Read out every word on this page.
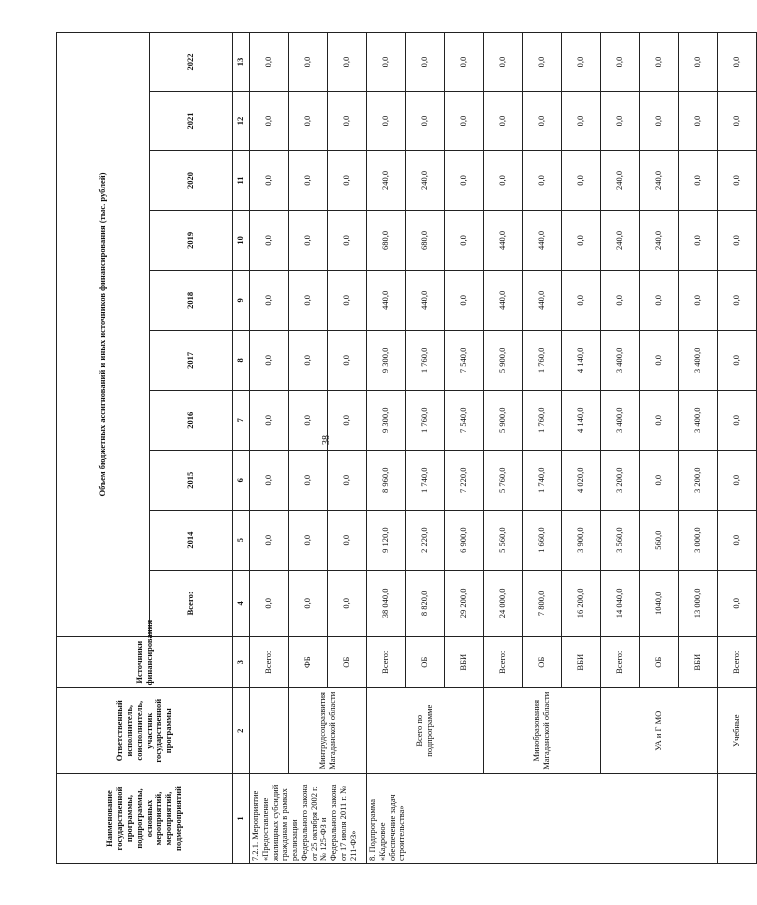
38
Наименование государственной программы, подпрограммы, основных мероприятий, мероприятий, подмероприятий	Ответственный исполнитель, соисполнитель, участник государственной программы	Источники финансирования	Объем бюджетных ассигнований и иных источников финансирования (тыс. рублей)									
			Всего:	2014	2015	2016	2017	2018	2019	2020	2021	2022
1	2	3	4	5	6	7	8	9	10	11	12	13
7.2.1. Мероприятие «Предоставление жилищных субсидий гражданам в рамках реализации Федерального закона от 25 октября 2002 г. № 125-ФЗ и Федерального закона от 17 июля 2011 г. № 211-ФЗ»		Всего:	0,0	0,0	0,0	0,0	0,0	0,0	0,0	0,0	0,0	0,0
	Минтрудсоцразвития Магаданской области	ФБ	0,0	0,0	0,0	0,0	0,0	0,0	0,0	0,0	0,0	0,0
		ОБ	0,0	0,0	0,0	0,0	0,0	0,0	0,0	0,0	0,0	0,0
8. Подпрограмма «Кадровое обеспечение задач строительства»	Всего по подпрограмме	Всего:	38 040,0	9 120,0	8 960,0	9 300,0	9 300,0	440,0	680,0	240,0	0,0	0,0
		ОБ	8 820,0	2 220,0	1 740,0	1 760,0	1 760,0	440,0	680,0	240,0	0,0	0,0
		ВБИ	29 200,0	6 900,0	7 220,0	7 540,0	7 540,0	0,0	0,0	0,0	0,0	0,0
	Минобразования Магаданской области	Всего:	24 000,0	5 560,0	5 760,0	5 900,0	5 900,0	440,0	440,0	0,0	0,0	0,0
		ОБ	7 800,0	1 660,0	1 740,0	1 760,0	1 760,0	440,0	440,0	0,0	0,0	0,0
		ВБИ	16 200,0	3 900,0	4 020,0	4 140,0	4 140,0	0,0	0,0	0,0	0,0	0,0
	УА и Г МО	Всего:	14 040,0	3 560,0	3 200,0	3 400,0	3 400,0	0,0	240,0	240,0	0,0	0,0
		ОБ	1040,0	560,0	0,0	0,0	0,0	0,0	240,0	240,0	0,0	0,0
		ВБИ	13 000,0	3 000,0	3 200,0	3 400,0	3 400,0	0,0	0,0	0,0	0,0	0,0
	Учебные	Всего:	0,0	0,0	0,0	0,0	0,0	0,0	0,0	0,0	0,0	0,0
